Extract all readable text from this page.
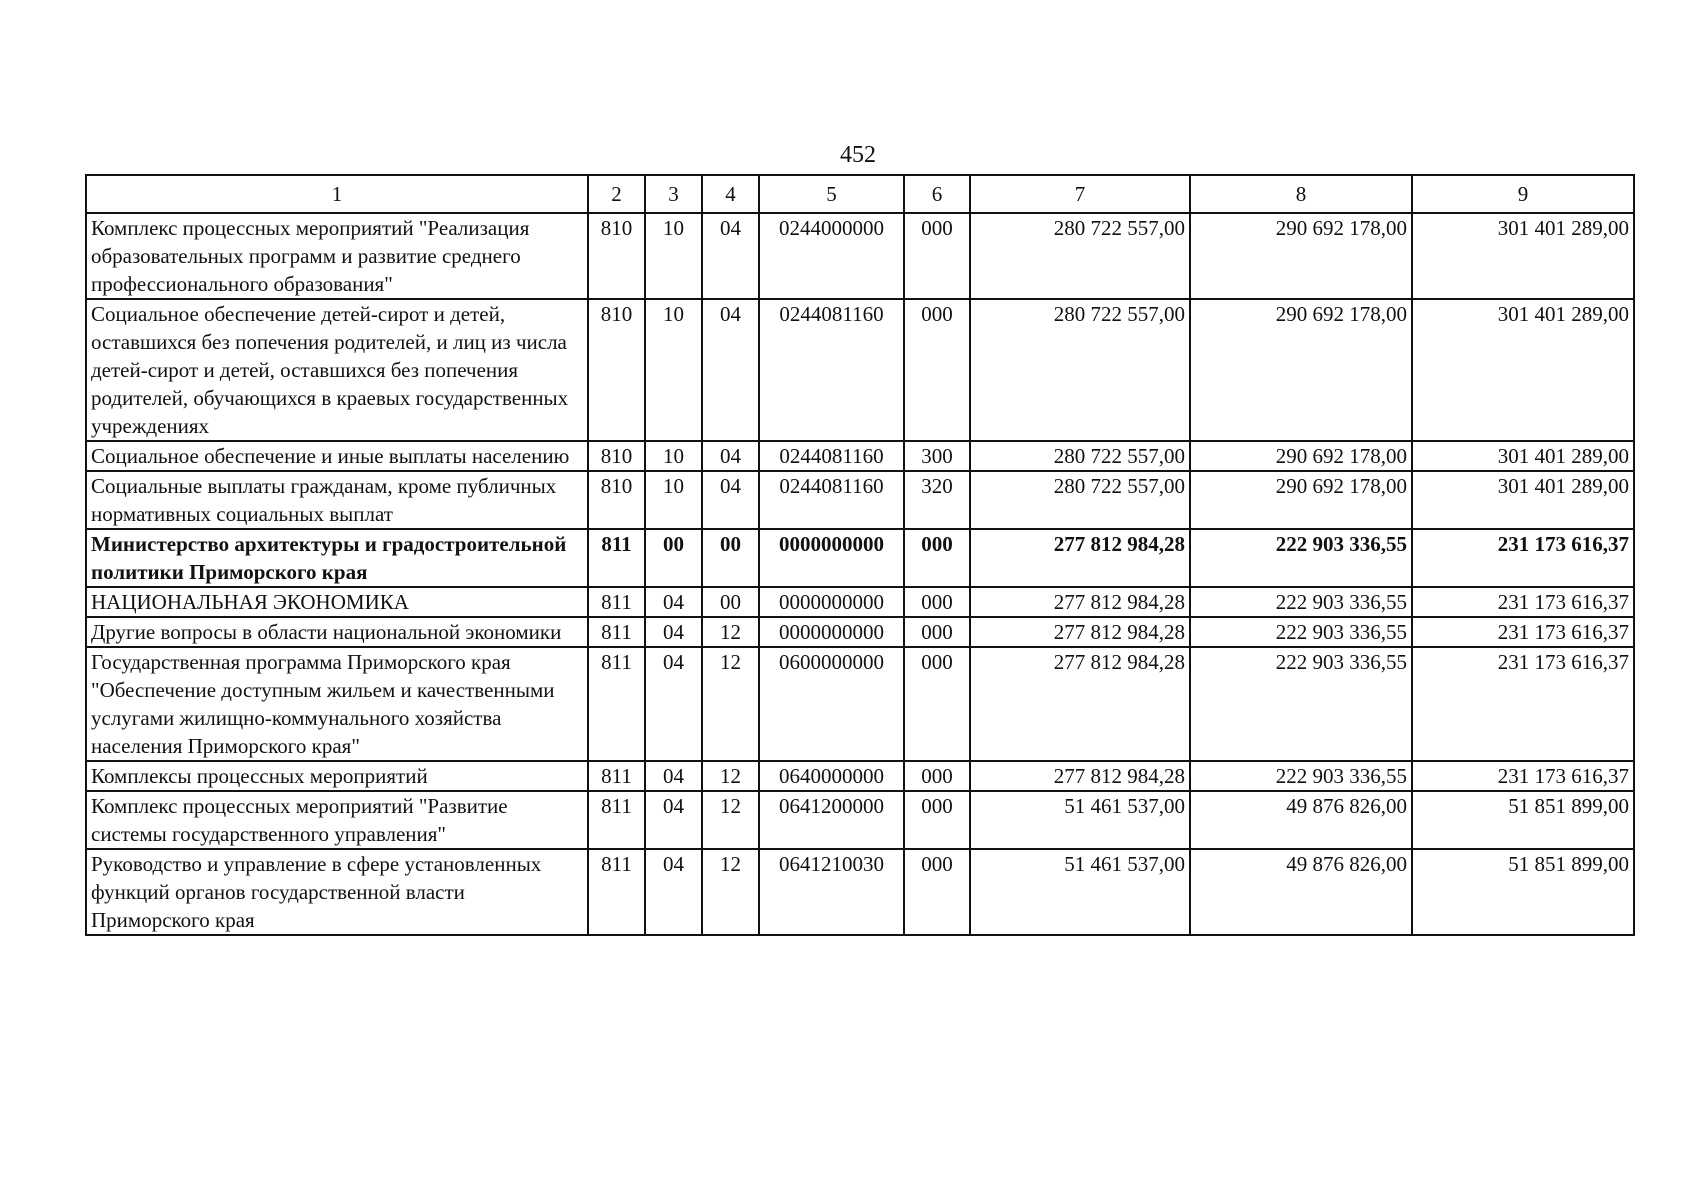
452
1	2	3	4	5	6	7	8	9
Комплекс процессных мероприятий "Реализация образовательных программ и развитие среднего профессионального образования"	810	10	04	0244000000	000	280 722 557,00	290 692 178,00	301 401 289,00
Социальное обеспечение детей-сирот и детей, оставшихся без попечения родителей, и лиц из числа детей-сирот и детей, оставшихся без попечения родителей, обучающихся в краевых государственных учреждениях	810	10	04	0244081160	000	280 722 557,00	290 692 178,00	301 401 289,00
Социальное обеспечение и иные выплаты населению	810	10	04	0244081160	300	280 722 557,00	290 692 178,00	301 401 289,00
Социальные выплаты гражданам, кроме публичных нормативных социальных выплат	810	10	04	0244081160	320	280 722 557,00	290 692 178,00	301 401 289,00
Министерство архитектуры и градостроительной политики Приморского края	811	00	00	0000000000	000	277 812 984,28	222 903 336,55	231 173 616,37
НАЦИОНАЛЬНАЯ ЭКОНОМИКА	811	04	00	0000000000	000	277 812 984,28	222 903 336,55	231 173 616,37
Другие вопросы в области национальной экономики	811	04	12	0000000000	000	277 812 984,28	222 903 336,55	231 173 616,37
Государственная программа Приморского края "Обеспечение доступным жильем и качественными услугами жилищно-коммунального хозяйства населения Приморского края"	811	04	12	0600000000	000	277 812 984,28	222 903 336,55	231 173 616,37
Комплексы процессных мероприятий	811	04	12	0640000000	000	277 812 984,28	222 903 336,55	231 173 616,37
Комплекс процессных мероприятий "Развитие системы государственного управления"	811	04	12	0641200000	000	51 461 537,00	49 876 826,00	51 851 899,00
Руководство и управление в сфере установленных функций органов государственной власти Приморского края	811	04	12	0641210030	000	51 461 537,00	49 876 826,00	51 851 899,00
